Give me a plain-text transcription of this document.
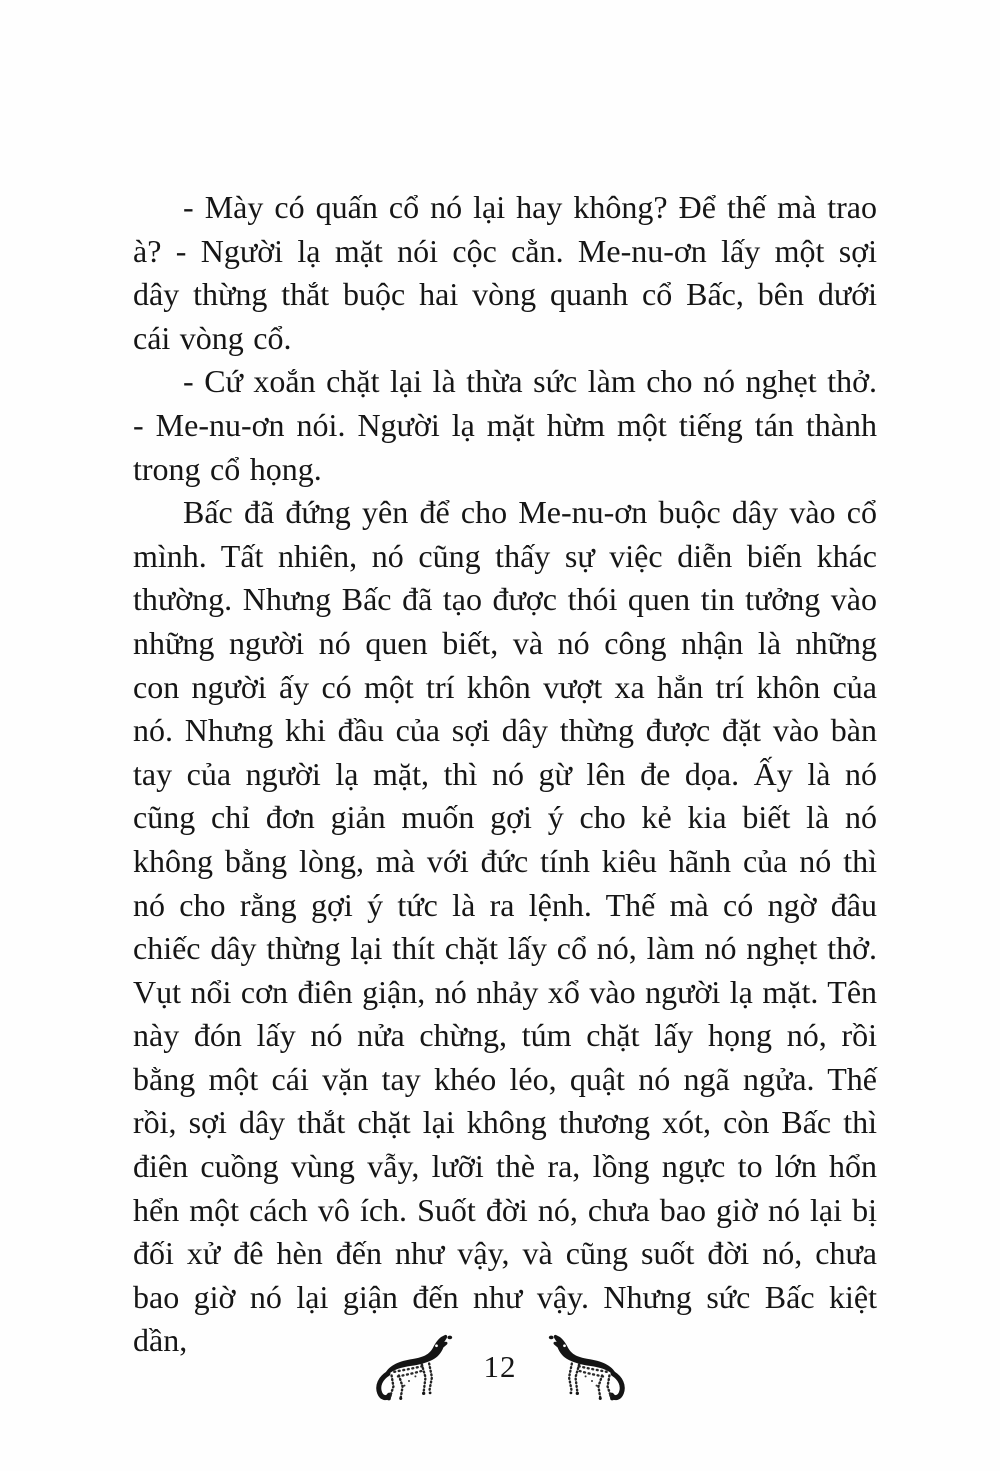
- Mày có quấn cổ nó lại hay không? Để thế mà trao à? - Người lạ mặt nói cộc cằn. Me-nu-ơn lấy một sợi dây thừng thắt buộc hai vòng quanh cổ Bấc, bên dưới cái vòng cổ.

- Cứ xoắn chặt lại là thừa sức làm cho nó nghẹt thở. - Me-nu-ơn nói. Người lạ mặt hừm một tiếng tán thành trong cổ họng.

Bấc đã đứng yên để cho Me-nu-ơn buộc dây vào cổ mình. Tất nhiên, nó cũng thấy sự việc diễn biến khác thường. Nhưng Bấc đã tạo được thói quen tin tưởng vào những người nó quen biết, và nó công nhận là những con người ấy có một trí khôn vượt xa hẳn trí khôn của nó. Nhưng khi đầu của sợi dây thừng được đặt vào bàn tay của người lạ mặt, thì nó gừ lên đe dọa. Ấy là nó cũng chỉ đơn giản muốn gợi ý cho kẻ kia biết là nó không bằng lòng, mà với đức tính kiêu hãnh của nó thì nó cho rằng gợi ý tức là ra lệnh. Thế mà có ngờ đâu chiếc dây thừng lại thít chặt lấy cổ nó, làm nó nghẹt thở. Vụt nổi cơn điên giận, nó nhảy xổ vào người lạ mặt. Tên này đón lấy nó nửa chừng, túm chặt lấy họng nó, rồi bằng một cái vặn tay khéo léo, quật nó ngã ngửa. Thế rồi, sợi dây thắt chặt lại không thương xót, còn Bấc thì điên cuồng vùng vẫy, lưỡi thè ra, lồng ngực to lớn hổn hển một cách vô ích. Suốt đời nó, chưa bao giờ nó lại bị đối xử đê hèn đến như vậy, và cũng suốt đời nó, chưa bao giờ nó lại giận đến như vậy. Nhưng sức Bấc kiệt dần,

12
